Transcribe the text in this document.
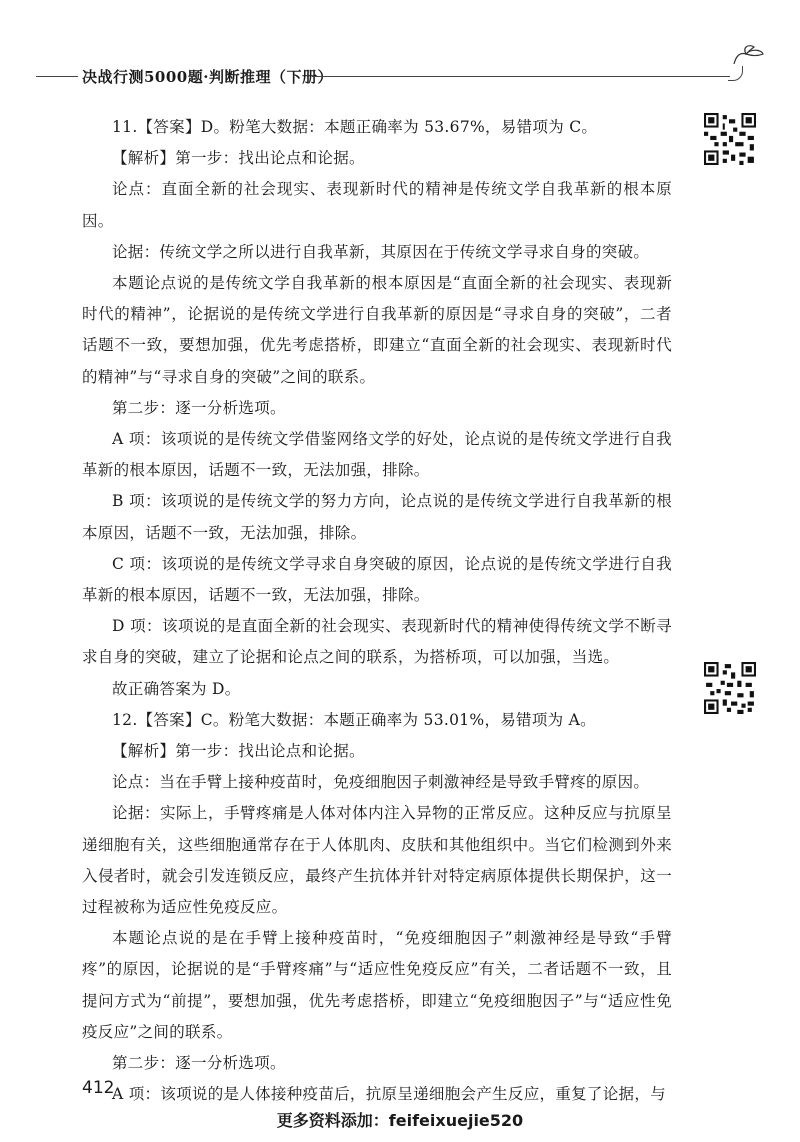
决战行测5000题·判断推理（下册）

11.【答案】D。粉笔大数据：本题正确率为 53.67%，易错项为 C。

【解析】第一步：找出论点和论据。

论点：直面全新的社会现实、表现新时代的精神是传统文学自我革新的根本原因。

论据：传统文学之所以进行自我革新，其原因在于传统文学寻求自身的突破。

本题论点说的是传统文学自我革新的根本原因是“直面全新的社会现实、表现新时代的精神”，论据说的是传统文学进行自我革新的原因是“寻求自身的突破”，二者话题不一致，要想加强，优先考虑搭桥，即建立“直面全新的社会现实、表现新时代的精神”与“寻求自身的突破”之间的联系。

第二步：逐一分析选项。

A 项：该项说的是传统文学借鉴网络文学的好处，论点说的是传统文学进行自我革新的根本原因，话题不一致，无法加强，排除。

B 项：该项说的是传统文学的努力方向，论点说的是传统文学进行自我革新的根本原因，话题不一致，无法加强，排除。

C 项：该项说的是传统文学寻求自身突破的原因，论点说的是传统文学进行自我革新的根本原因，话题不一致，无法加强，排除。

D 项：该项说的是直面全新的社会现实、表现新时代的精神使得传统文学不断寻求自身的突破，建立了论据和论点之间的联系，为搭桥项，可以加强，当选。

故正确答案为 D。

12.【答案】C。粉笔大数据：本题正确率为 53.01%，易错项为 A。

【解析】第一步：找出论点和论据。

论点：当在手臂上接种疫苗时，免疫细胞因子刺激神经是导致手臂疼的原因。

论据：实际上，手臂疼痛是人体对体内注入异物的正常反应。这种反应与抗原呈递细胞有关，这些细胞通常存在于人体肌肉、皮肤和其他组织中。当它们检测到外来入侵者时，就会引发连锁反应，最终产生抗体并针对特定病原体提供长期保护，这一过程被称为适应性免疫反应。

本题论点说的是在手臂上接种疫苗时，“免疫细胞因子”刺激神经是导致“手臂疼”的原因，论据说的是“手臂疼痛”与“适应性免疫反应”有关，二者话题不一致，且提问方式为“前提”，要想加强，优先考虑搭桥，即建立“免疫细胞因子”与“适应性免疫反应”之间的联系。

第二步：逐一分析选项。

A 项：该项说的是人体接种疫苗后，抗原呈递细胞会产生反应，重复了论据，与

412
更多资料添加：feifeixuejie520
